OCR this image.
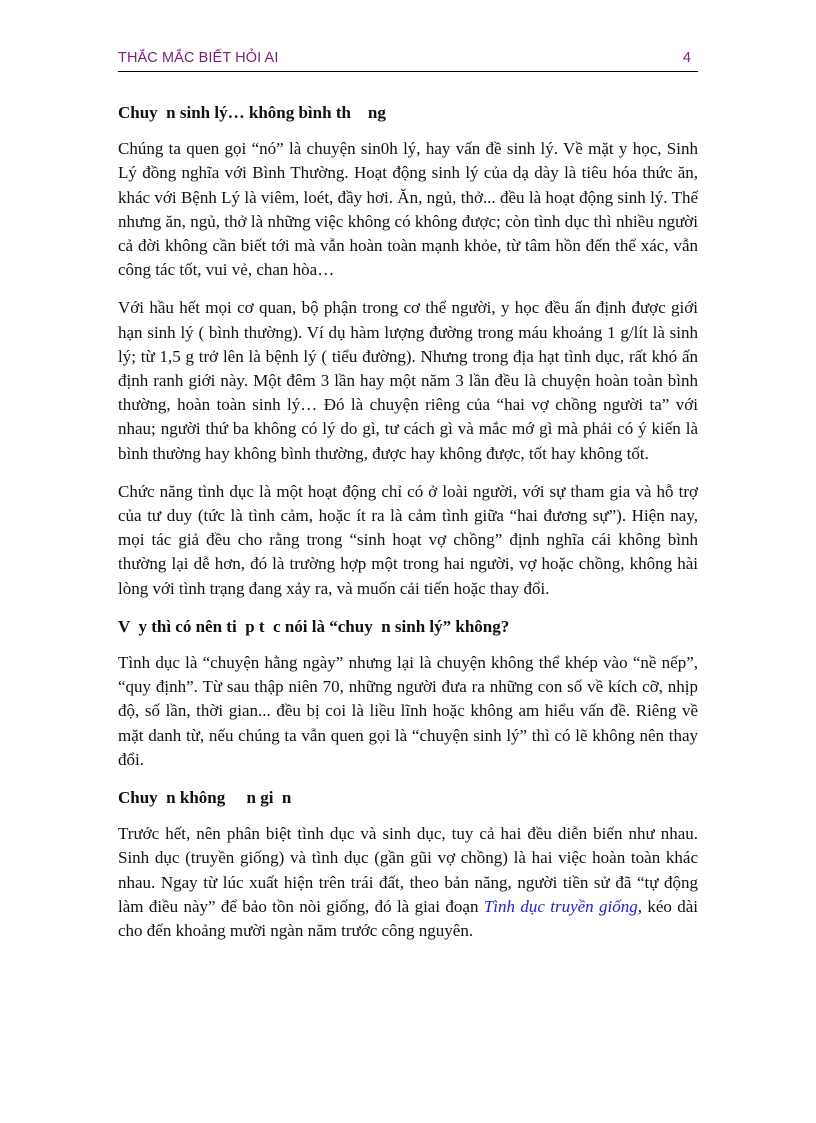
THẮC MẮC BIẾT HỎI AI	4
Chuy  n sinh lý… không bình th    ng

Chúng ta quen gọi “nó” là chuyện sin0h lý, hay vấn đề sinh lý. Về mặt y học, Sinh Lý đồng nghĩa với Bình Thường. Hoạt động sinh lý của dạ dày là tiêu hóa thức ăn, khác với Bệnh Lý là viêm, loét, đầy hơi. Ăn, ngủ, thở... đều là hoạt động sinh lý. Thế nhưng ăn, ngủ, thở là những việc không có không được; còn tình dục thì nhiều người cả đời không cần biết tới mà vẫn hoàn toàn mạnh khỏe, từ tâm hồn đến thể xác, vẫn công tác tốt, vui vẻ, chan hòa…

Với hầu hết mọi cơ quan, bộ phận trong cơ thể người, y học đều ấn định được giới hạn sinh lý ( bình thường). Ví dụ hàm lượng đường trong máu khoảng 1 g/lít là sinh lý; từ 1,5 g trở lên là bệnh lý ( tiểu đường). Nhưng trong địa hạt tình dục, rất khó ấn định ranh giới này. Một đêm 3 lần hay một năm 3 lần đều là chuyện hoàn toàn bình thường, hoàn toàn sinh lý… Đó là chuyện riêng của “hai vợ chồng người ta” với nhau; người thứ ba không có lý do gì, tư cách gì và mắc mớ gì mà phải có ý kiến là bình thường hay không bình thường, được hay không được, tốt hay không tốt.

Chức năng tình dục là một hoạt động chỉ có ở loài người, với sự tham gia và hỗ trợ của tư duy (tức là tình cảm, hoặc ít ra là cảm tình giữa “hai đương sự”). Hiện nay, mọi tác giả đều cho rằng trong “sinh hoạt vợ chồng” định nghĩa cái không bình thường lại dễ hơn, đó là trường hợp một trong hai người, vợ hoặc chồng, không hài lòng với tình trạng đang xảy ra, và muốn cải tiến hoặc thay đổi.

V  y thì có nên ti  p t  c nói là “chuy  n sinh lý” không?

Tình dục là “chuyện hằng ngày” nhưng lại là chuyện không thể khép vào “nề nếp”, “quy định”. Từ sau thập niên 70, những người đưa ra những con số về kích cỡ, nhịp độ, số lần, thời gian... đều bị coi là liều lĩnh hoặc không am hiểu vấn đề. Riêng về mặt danh từ, nếu chúng ta vẫn quen gọi là “chuyện sinh lý” thì có lẽ không nên thay đổi.

Chuy  n không     n gi  n

Trước hết, nên phân biệt tình dục và sinh dục, tuy cả hai đều diễn biến như nhau. Sinh dục (truyền giống) và tình dục (gần gũi vợ chồng) là hai việc hoàn toàn khác nhau. Ngay từ lúc xuất hiện trên trái đất, theo bản năng, người tiền sử đã “tự động làm điều này” để bảo tồn nòi giống, đó là giai đoạn Tình dục truyền giống, kéo dài cho đến khoảng mười ngàn năm trước công nguyên.
